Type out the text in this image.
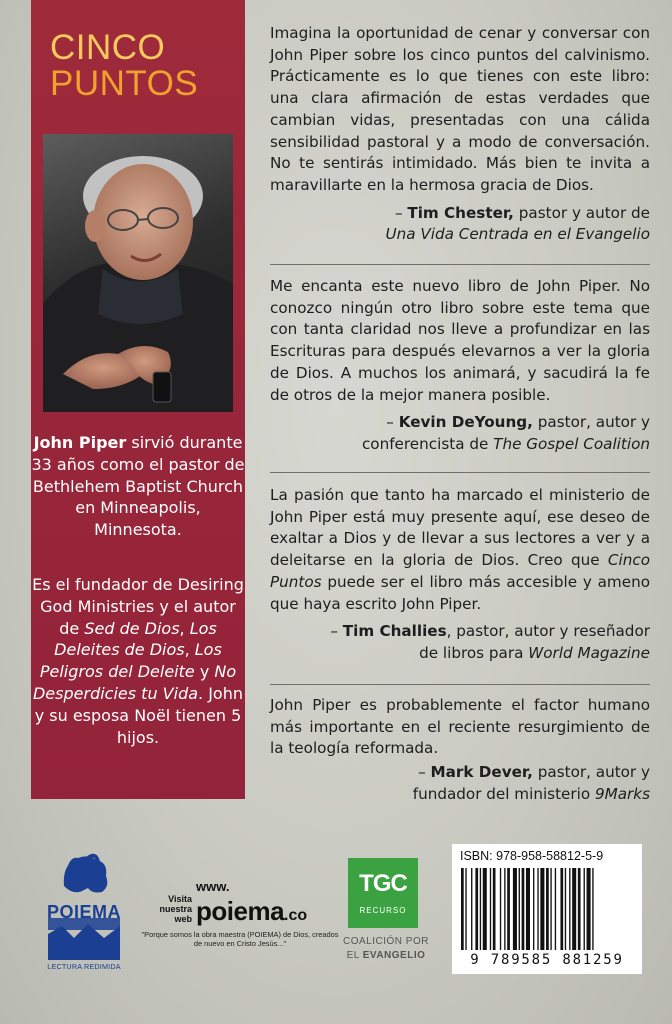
CINCO
PUNTOS
John Piper sirvió durante 33 años como el pastor de Bethlehem Baptist Church en Minneapolis, Minnesota.
Es el fundador de Desiring God Ministries y el autor de Sed de Dios, Los Deleites de Dios, Los Peligros del Deleite y No Desperdicies tu Vida. John y su esposa Noël tienen 5 hijos.
Imagina la oportunidad de cenar y conversar con John Piper sobre los cinco puntos del calvinismo. Prácticamente es lo que tienes con este libro: una clara afirmación de estas verdades que cambian vidas, presentadas con una cálida sensibilidad pastoral y a modo de conversación. No te sentirás intimidado. Más bien te invita a maravillarte en la hermosa gracia de Dios.
– Tim Chester, pastor y autor de
Una Vida Centrada en el Evangelio
Me encanta este nuevo libro de John Piper. No conozco ningún otro libro sobre este tema que con tanta claridad nos lleve a profundizar en las Escrituras para después elevarnos a ver la gloria de Dios. A muchos los animará, y sacudirá la fe de otros de la mejor manera posible.
– Kevin DeYoung, pastor, autor y
conferencista de The Gospel Coalition
La pasión que tanto ha marcado el ministerio de John Piper está muy presente aquí, ese deseo de exaltar a Dios y de llevar a sus lectores a ver y a deleitarse en la gloria de Dios. Creo que Cinco Puntos puede ser el libro más accesible y ameno que haya escrito John Piper.
– Tim Challies, pastor, autor y reseñador
de libros para World Magazine
John Piper es probablemente el factor humano más importante en el reciente resurgimiento de la teología reformada.
– Mark Dever, pastor, autor y
fundador del ministerio 9Marks
POIEMA
LECTURA REDIMIDA
Visita nuestra web
www.
poiema.co
"Porque somos la obra maestra (POIEMA) de Dios, creados de nuevo en Cristo Jesús..."
TGC
RECURSO
COALICIÓN POR
EL EVANGELIO
ISBN: 978-958-58812-5-9
9 789585 881259
